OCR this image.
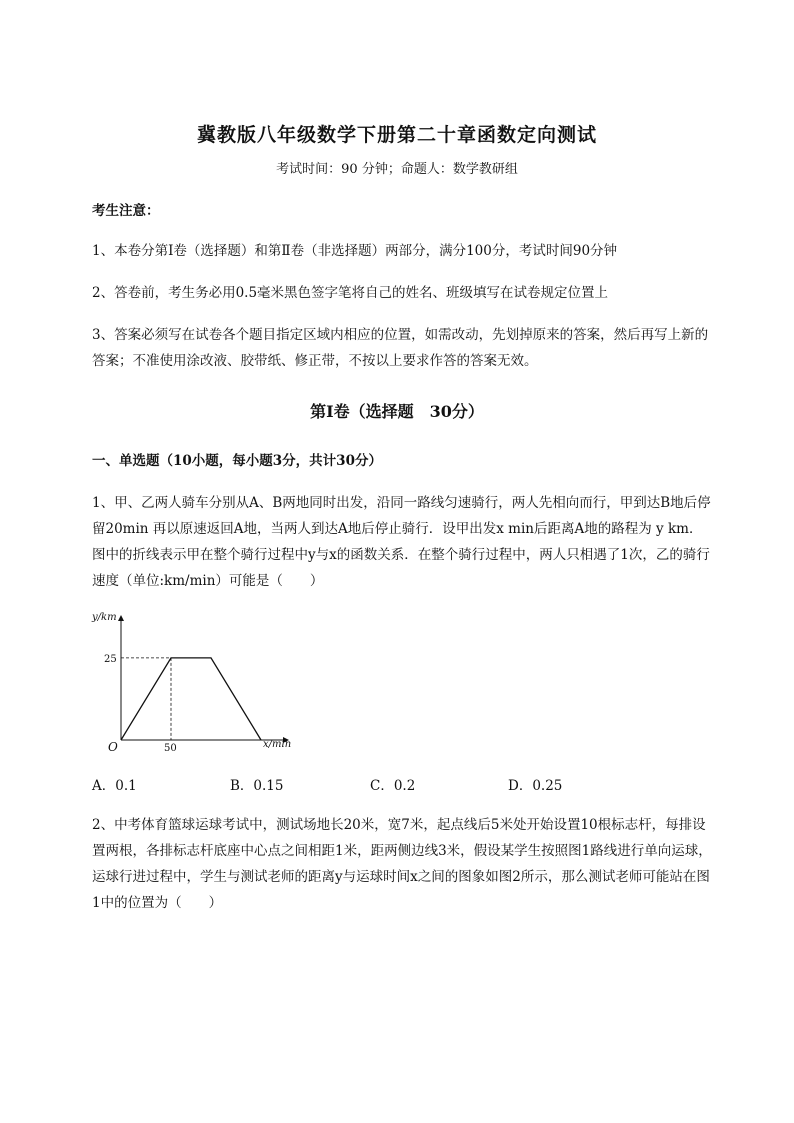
冀教版八年级数学下册第二十章函数定向测试
考试时间：90 分钟；命题人：数学教研组
考生注意：
1、本卷分第Ⅰ卷（选择题）和第Ⅱ卷（非选择题）两部分，满分100分，考试时间90分钟
2、答卷前，考生务必用0.5毫米黑色签字笔将自己的姓名、班级填写在试卷规定位置上
3、答案必须写在试卷各个题目指定区域内相应的位置，如需改动，先划掉原来的答案，然后再写上新的答案；不准使用涂改液、胶带纸、修正带，不按以上要求作答的答案无效。
第Ⅰ卷（选择题　30分）
一、单选题（10小题，每小题3分，共计30分）
1、甲、乙两人骑车分别从A、B两地同时出发，沿同一路线匀速骑行，两人先相向而行，甲到达B地后停留20min 再以原速返回A地，当两人到达A地后停止骑行．设甲出发x min后距离A地的路程为 y km．图中的折线表示甲在整个骑行过程中y与x的函数关系．在整个骑行过程中，两人只相遇了1次，乙的骑行速度（单位:km/min）可能是（　　）
y/km
x/min
O
25
50
A．0.1	B．0.15	C．0.2	D．0.25
2、中考体育篮球运球考试中，测试场地长20米，宽7米，起点线后5米处开始设置10根标志杆，每排设置两根，各排标志杆底座中心点之间相距1米，距两侧边线3米，假设某学生按照图1路线进行单向运球，运球行进过程中，学生与测试老师的距离y与运球时间x之间的图象如图2所示，那么测试老师可能站在图1中的位置为（　　）
